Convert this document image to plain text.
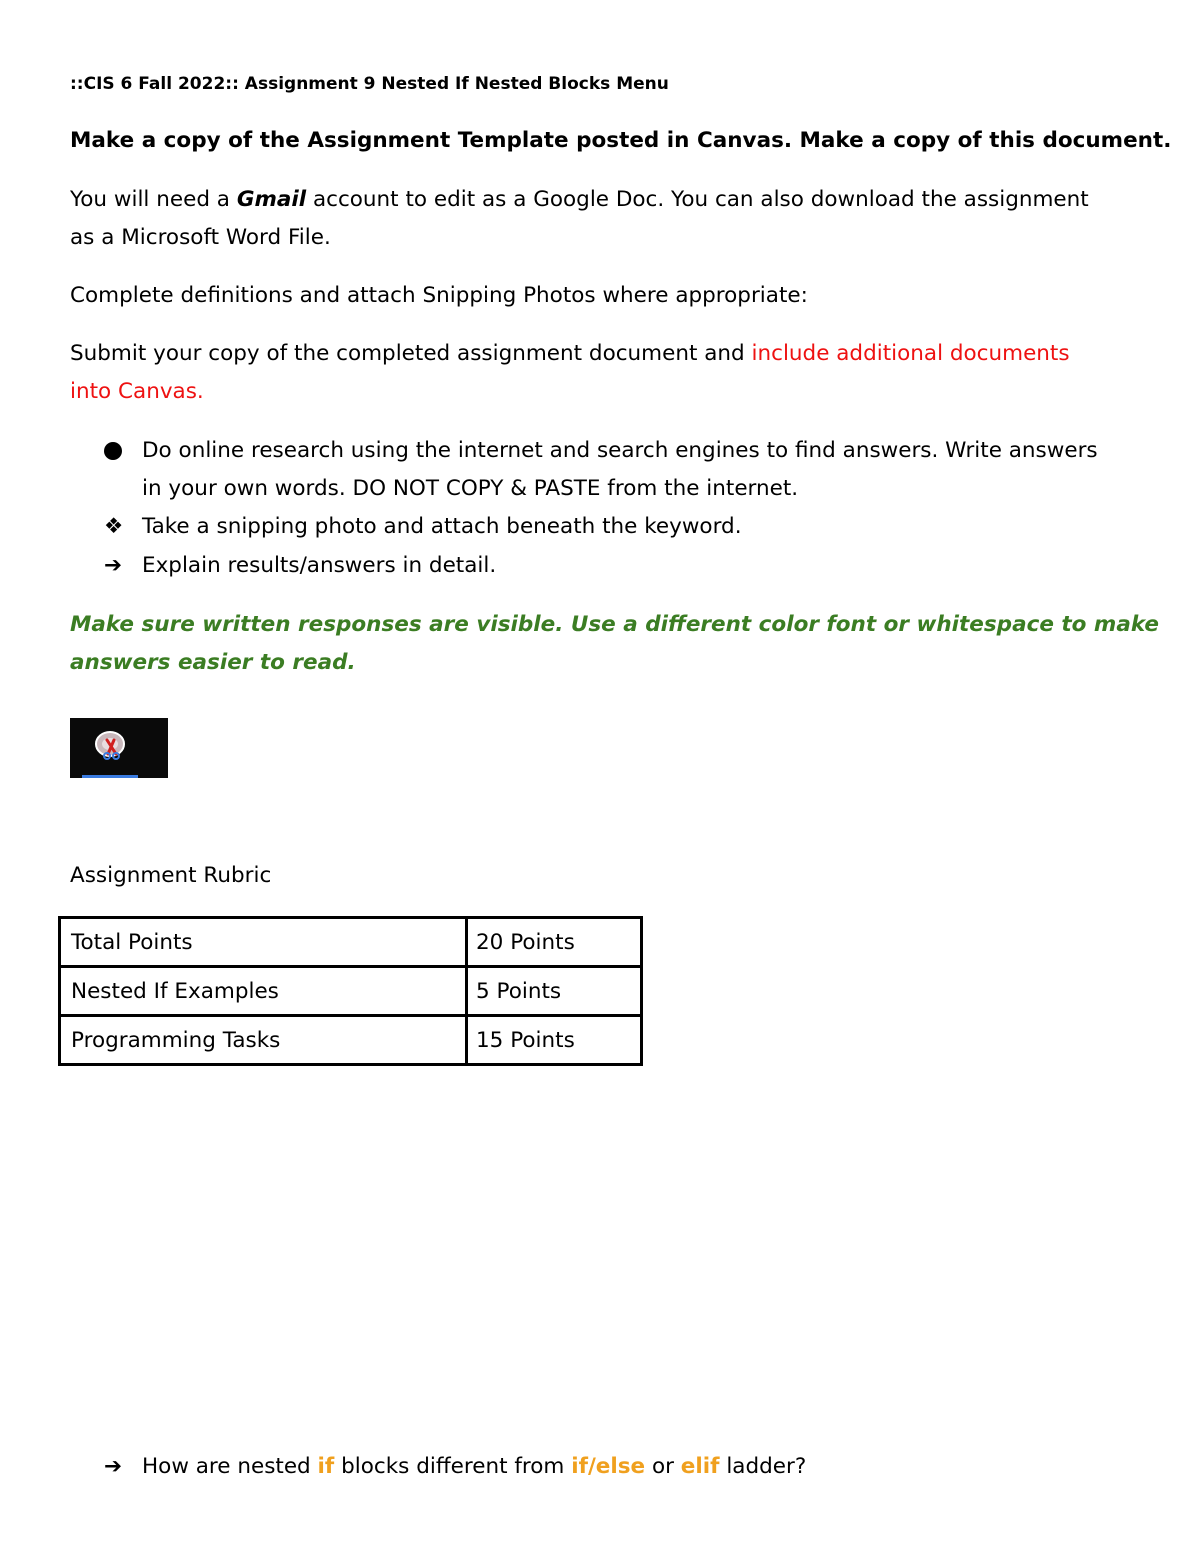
::CIS 6 Fall 2022:: Assignment 9 Nested If Nested Blocks Menu
Make a copy of the Assignment Template posted in Canvas. Make a copy of this document.
You will need a Gmail account to edit as a Google Doc. You can also download the assignment
as a Microsoft Word File.
Complete definitions and attach Snipping Photos where appropriate:
Submit your copy of the completed assignment document and include additional documents
into Canvas.
Do online research using the internet and search engines to find answers. Write answers
in your own words. DO NOT COPY & PASTE from the internet.
❖ Take a snipping photo and attach beneath the keyword.
➔ Explain results/answers in detail.
Make sure written responses are visible. Use a different color font or whitespace to make
answers easier to read.
Assignment Rubric
Total Points	20 Points
Nested If Examples	5 Points
Programming Tasks	15 Points
➔ How are nested if blocks different from if/else or elif ladder?
